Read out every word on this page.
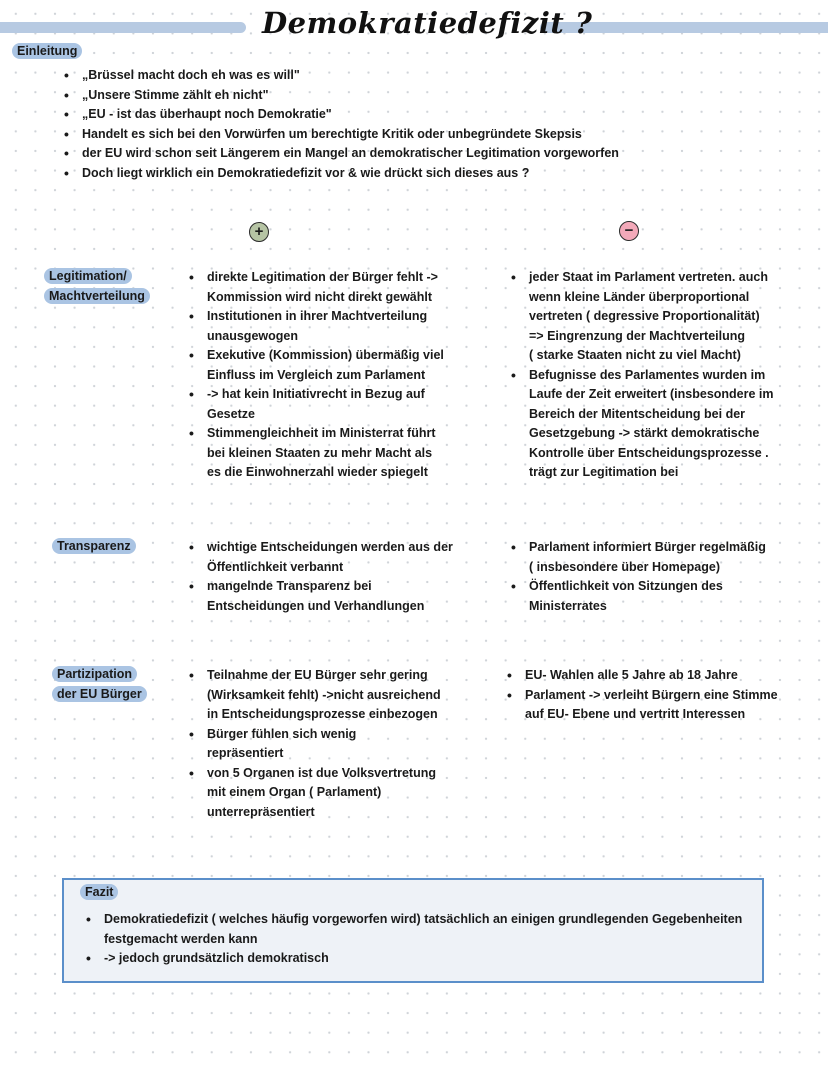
Demokratiedefizit ?
Einleitung
• „Brüssel macht doch eh was es will"
• „Unsere Stimme zählt eh nicht"
• „EU - ist das überhaupt noch Demokratie"
• Handelt es sich bei den Vorwürfen um berechtigte Kritik oder unbegründete Skepsis
• der EU wird schon seit Längerem ein Mangel an demokratischer Legitimation vorgeworfen
• Doch liegt wirklich ein Demokratiedefizit vor & wie drückt sich dieses aus ?
+	−
Legitimation/
Machtverteilung

• direkte Legitimation der Bürger fehlt ->
Kommission wird nicht direkt gewählt
• Institutionen in ihrer Machtverteilung
unausgewogen
• Exekutive (Kommission) übermäßig viel
Einfluss im Vergleich zum Parlament
• -> hat kein Initiativrecht in Bezug auf
Gesetze
• Stimmengleichheit im Ministerrat führt
bei kleinen Staaten zu mehr Macht als
es die Einwohnerzahl wieder spiegelt
• jeder Staat im Parlament vertreten. auch
wenn kleine Länder überproportional
vertreten ( degressive Proportionalität)
=> Eingrenzung der Machtverteilung
( starke Staaten nicht zu viel Macht)
• Befugnisse des Parlamentes wurden im
Laufe der Zeit erweitert (insbesondere im
Bereich der Mitentscheidung bei der
Gesetzgebung -> stärkt demokratische
Kontrolle über Entscheidungsprozesse .
trägt zur Legitimation bei
Transparenz	• wichtige Entscheidungen werden aus der
Öffentlichkeit verbannt
• mangelnde Transparenz bei
Entscheidungen und Verhandlungen
• Parlament informiert Bürger regelmäßig
( insbesondere über Homepage)
• Öffentlichkeit von Sitzungen des
Ministerrates
Partizipation
der EU Bürger

• Teilnahme der EU Bürger sehr gering
(Wirksamkeit fehlt) ->nicht ausreichend
in Entscheidungsprozesse einbezogen
• Bürger fühlen sich wenig
repräsentiert
• von 5 Organen ist due Volksvertretung
mit einem Organ ( Parlament)
unterrepräsentiert
• EU- Wahlen alle 5 Jahre ab 18 Jahre
• Parlament -> verleiht Bürgern eine Stimme
auf EU- Ebene und vertritt Interessen
Fazit
• Demokratiedefizit ( welches häufig vorgeworfen wird) tatsächlich an einigen grundlegenden Gegebenheiten
festgemacht werden kann
• -> jedoch grundsätzlich demokratisch
